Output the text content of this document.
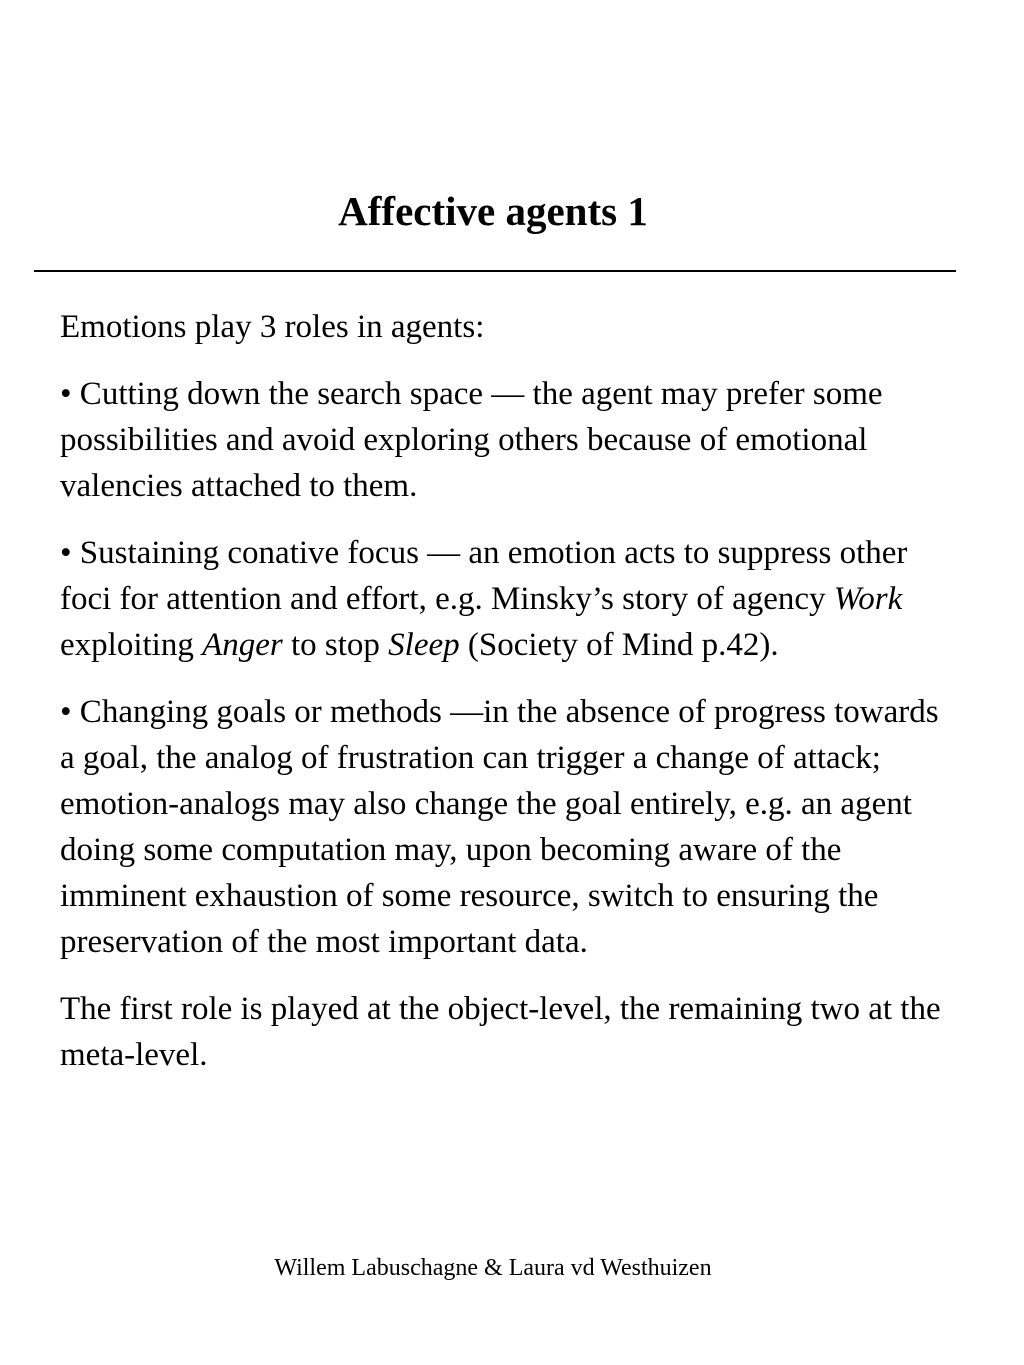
Affective agents 1

Emotions play 3 roles in agents:

• Cutting down the search space — the agent may prefer some possibilities and avoid exploring others because of emotional valencies attached to them.

• Sustaining conative focus — an emotion acts to suppress other foci for attention and effort, e.g. Minsky’s story of agency Work exploiting Anger to stop Sleep (Society of Mind p.42).

• Changing goals or methods —in the absence of progress towards a goal, the analog of frustration can trigger a change of attack; emotion-analogs may also change the goal entirely, e.g. an agent doing some computation may, upon becoming aware of the imminent exhaustion of some resource, switch to ensuring the preservation of the most important data.

The first role is played at the object-level, the remaining two at the meta-level.

Willem Labuschagne & Laura vd Westhuizen
